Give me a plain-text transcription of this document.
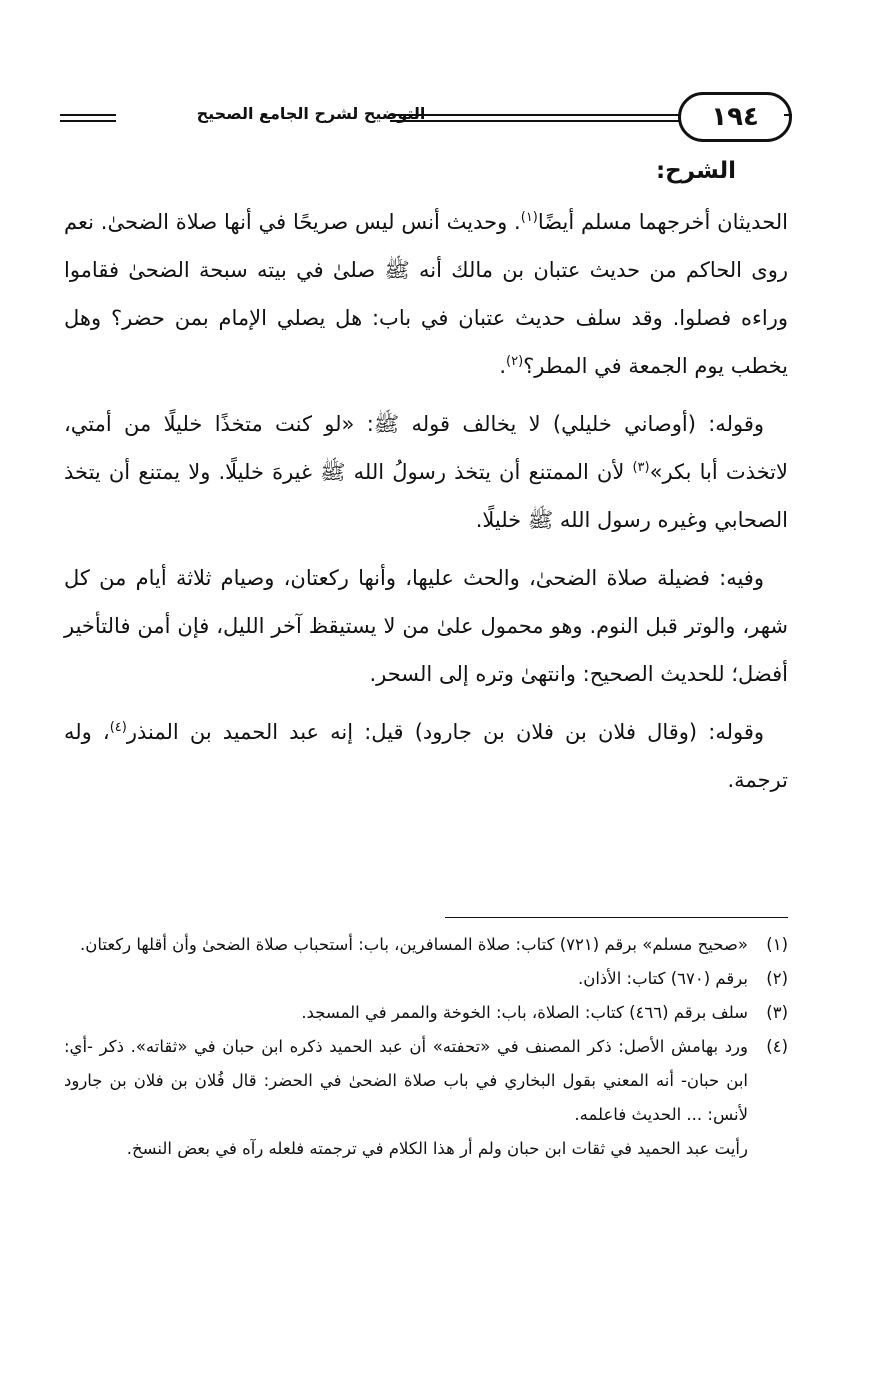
التوضيح لشرح الجامع الصحيح	١٩٤
الشرح:

الحديثان أخرجهما مسلم أيضًا$^{(١)}$. وحديث أنس ليس صريحًا في أنها صلاة الضحىٰ. نعم روى الحاكم من حديث عتبان بن مالك أنه ﷺ صلىٰ في بيته سبحة الضحىٰ فقاموا وراءه فصلوا. وقد سلف حديث عتبان في باب: هل يصلي الإمام بمن حضر؟ وهل يخطب يوم الجمعة في المطر؟$^{(٢)}$.

وقوله: (أوصاني خليلي) لا يخالف قوله ﷺ: «لو كنت متخذًا خليلًا من أمتي، لاتخذت أبا بكر»$^{(٣)}$ لأن الممتنع أن يتخذ رسولُ الله ﷺ غيرهَ خليلًا. ولا يمتنع أن يتخذ الصحابي وغيره رسول الله ﷺ خليلًا.

وفيه: فضيلة صلاة الضحىٰ، والحث عليها، وأنها ركعتان، وصيام ثلاثة أيام من كل شهر، والوتر قبل النوم. وهو محمول علىٰ من لا يستيقظ آخر الليل، فإن أمن فالتأخير أفضل؛ للحديث الصحيح: وانتهىٰ وتره إلى السحر.

وقوله: (وقال فلان بن فلان بن جارود) قيل: إنه عبد الحميد بن المنذر$^{(٤)}$، وله ترجمة.

(١)
«صحيح مسلم» برقم (٧٢١) كتاب: صلاة المسافرين، باب: أستحباب صلاة الضحىٰ وأن أقلها ركعتان.
(٢)
برقم (٦٧٠) كتاب: الأذان.
(٣)
سلف برقم (٤٦٦) كتاب: الصلاة، باب: الخوخة والممر في المسجد.
(٤)
ورد بهامش الأصل: ذكر المصنف في «تحفته» أن عبد الحميد ذكره ابن حبان في «ثقاته». ذكر -أي: ابن حبان- أنه المعني بقول البخاري في باب صلاة الضحىٰ في الحضر: قال فُلان بن فلان بن جارود لأنس: ... الحديث فاعلمه.
رأيت عبد الحميد في ثقات ابن حبان ولم أر هذا الكلام في ترجمته فلعله رآه في بعض النسخ.
